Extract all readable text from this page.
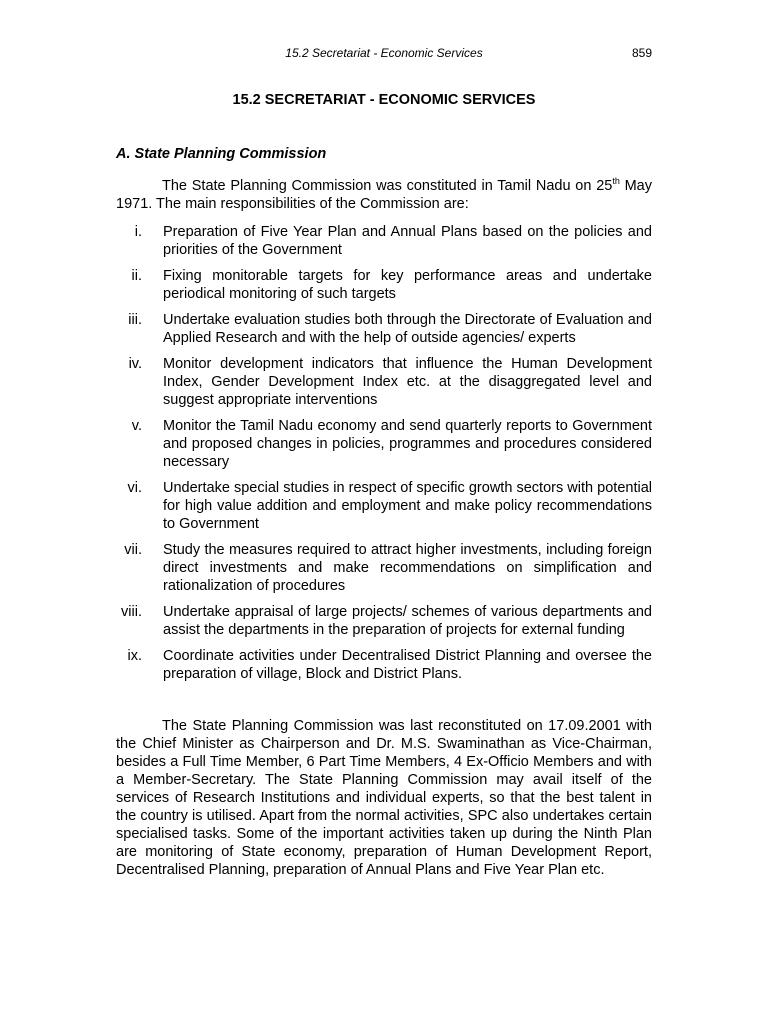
15.2 Secretariat - Economic Services	859
15.2 SECRETARIAT - ECONOMIC SERVICES
A. State Planning Commission
The State Planning Commission was constituted in Tamil Nadu on 25th May 1971. The main responsibilities of the Commission are:
i. Preparation of Five Year Plan and Annual Plans based on the policies and priorities of the Government
ii. Fixing monitorable targets for key performance areas and undertake periodical monitoring of such targets
iii. Undertake evaluation studies both through the Directorate of Evaluation and Applied Research and with the help of outside agencies/ experts
iv. Monitor development indicators that influence the Human Development Index, Gender Development Index etc. at the disaggregated level and suggest appropriate interventions
v. Monitor the Tamil Nadu economy and send quarterly reports to Government and proposed changes in policies, programmes and procedures considered necessary
vi. Undertake special studies in respect of specific growth sectors with potential for high value addition and employment and make policy recommendations to Government
vii. Study the measures required to attract higher investments, including foreign direct investments and make recommendations on simplification and rationalization of procedures
viii. Undertake appraisal of large projects/ schemes of various departments and assist the departments in the preparation of projects for external funding
ix. Coordinate activities under Decentralised District Planning and oversee the preparation of village, Block and District Plans.
The State Planning Commission was last reconstituted on 17.09.2001 with the Chief Minister as Chairperson and Dr. M.S. Swaminathan as Vice-Chairman, besides a Full Time Member, 6 Part Time Members, 4 Ex-Officio Members and with a Member-Secretary. The State Planning Commission may avail itself of the services of Research Institutions and individual experts, so that the best talent in the country is utilised. Apart from the normal activities, SPC also undertakes certain specialised tasks. Some of the important activities taken up during the Ninth Plan are monitoring of State economy, preparation of Human Development Report, Decentralised Planning, preparation of Annual Plans and Five Year Plan etc.
